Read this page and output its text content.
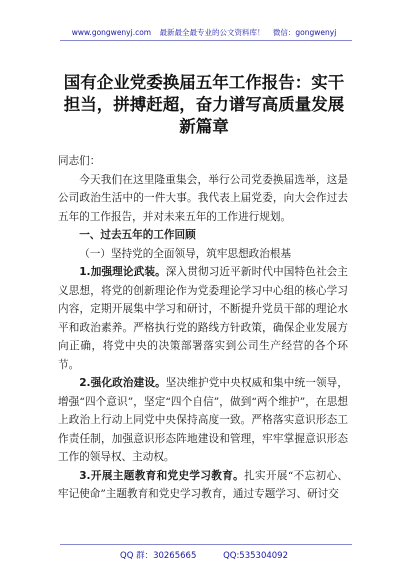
www.gongwenyj.com 最新最全最专业的公文资料库！ 微信：gongwenyj
国有企业党委换届五年工作报告：实干担当，拼搏赶超，奋力谱写高质量发展新篇章

同志们：

今天我们在这里隆重集会，举行公司党委换届选举，这是公司政治生活中的一件大事。我代表上届党委，向大会作过去五年的工作报告，并对未来五年的工作进行规划。

一、过去五年的工作回顾

（一）坚持党的全面领导，筑牢思想政治根基

1.加强理论武装。深入贯彻习近平新时代中国特色社会主义思想，将党的创新理论作为党委理论学习中心组的核心学习内容，定期开展集中学习和研讨，不断提升党员干部的理论水平和政治素养。严格执行党的路线方针政策，确保企业发展方向正确，将党中央的决策部署落实到公司生产经营的各个环节。

2.强化政治建设。坚决维护党中央权威和集中统一领导，增强“四个意识”，坚定“四个自信”，做到“两个维护”，在思想上政治上行动上同党中央保持高度一致。严格落实意识形态工作责任制，加强意识形态阵地建设和管理，牢牢掌握意识形态工作的领导权、主动权。

3.开展主题教育和党史学习教育。扎实开展“不忘初心、牢记使命”主题教育和党史学习教育，通过专题学习、研讨交

QQ 群：30265665	QQ:535304092
